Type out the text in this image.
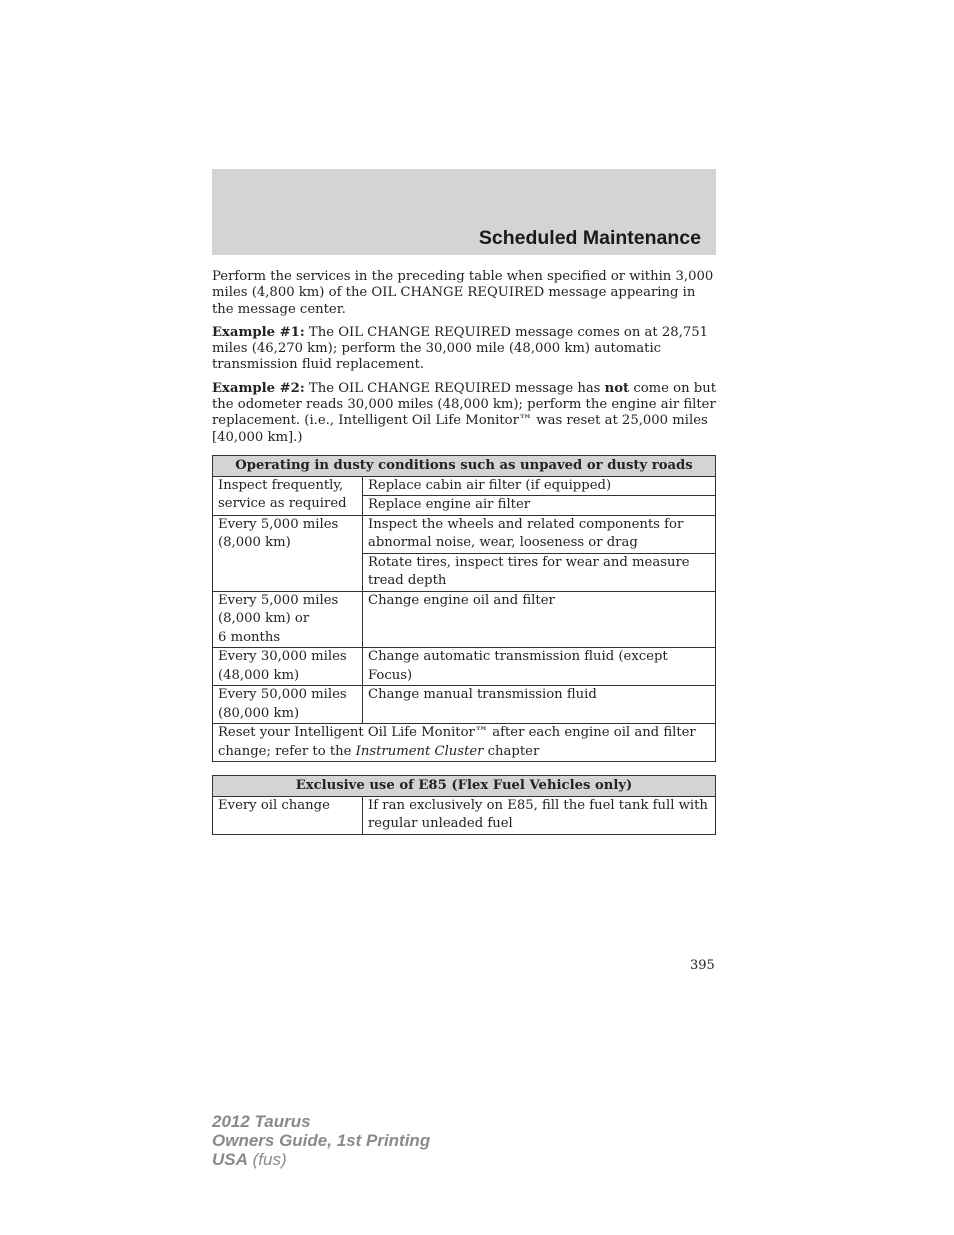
Scheduled Maintenance

Perform the services in the preceding table when specified or within 3,000 miles (4,800 km) of the OIL CHANGE REQUIRED message appearing in the message center.

Example #1: The OIL CHANGE REQUIRED message comes on at 28,751 miles (46,270 km); perform the 30,000 mile (48,000 km) automatic transmission fluid replacement.

Example #2: The OIL CHANGE REQUIRED message has not come on but the odometer reads 30,000 miles (48,000 km); perform the engine air filter replacement. (i.e., Intelligent Oil Life Monitor™ was reset at 25,000 miles [40,000 km].)

Operating in dusty conditions such as unpaved or dusty roads	
Inspect frequently, service as required	Replace cabin air filter (if equipped)
	Replace engine air filter
Every 5,000 miles (8,000 km)	Inspect the wheels and related components for abnormal noise, wear, looseness or drag
	Rotate tires, inspect tires for wear and measure tread depth
Every 5,000 miles
(8,000 km) or
6 months	Change engine oil and filter
Every 30,000 miles (48,000 km)	Change automatic transmission fluid (except Focus)
Every 50,000 miles (80,000 km)	Change manual transmission fluid
Reset your Intelligent Oil Life Monitor™ after each engine oil and filter change; refer to the Instrument Cluster chapter	
Exclusive use of E85 (Flex Fuel Vehicles only)
Every oil change	If ran exclusively on E85, fill the fuel tank full with regular unleaded fuel
395
2012 Taurus
Owners Guide, 1st Printing
USA (fus)
